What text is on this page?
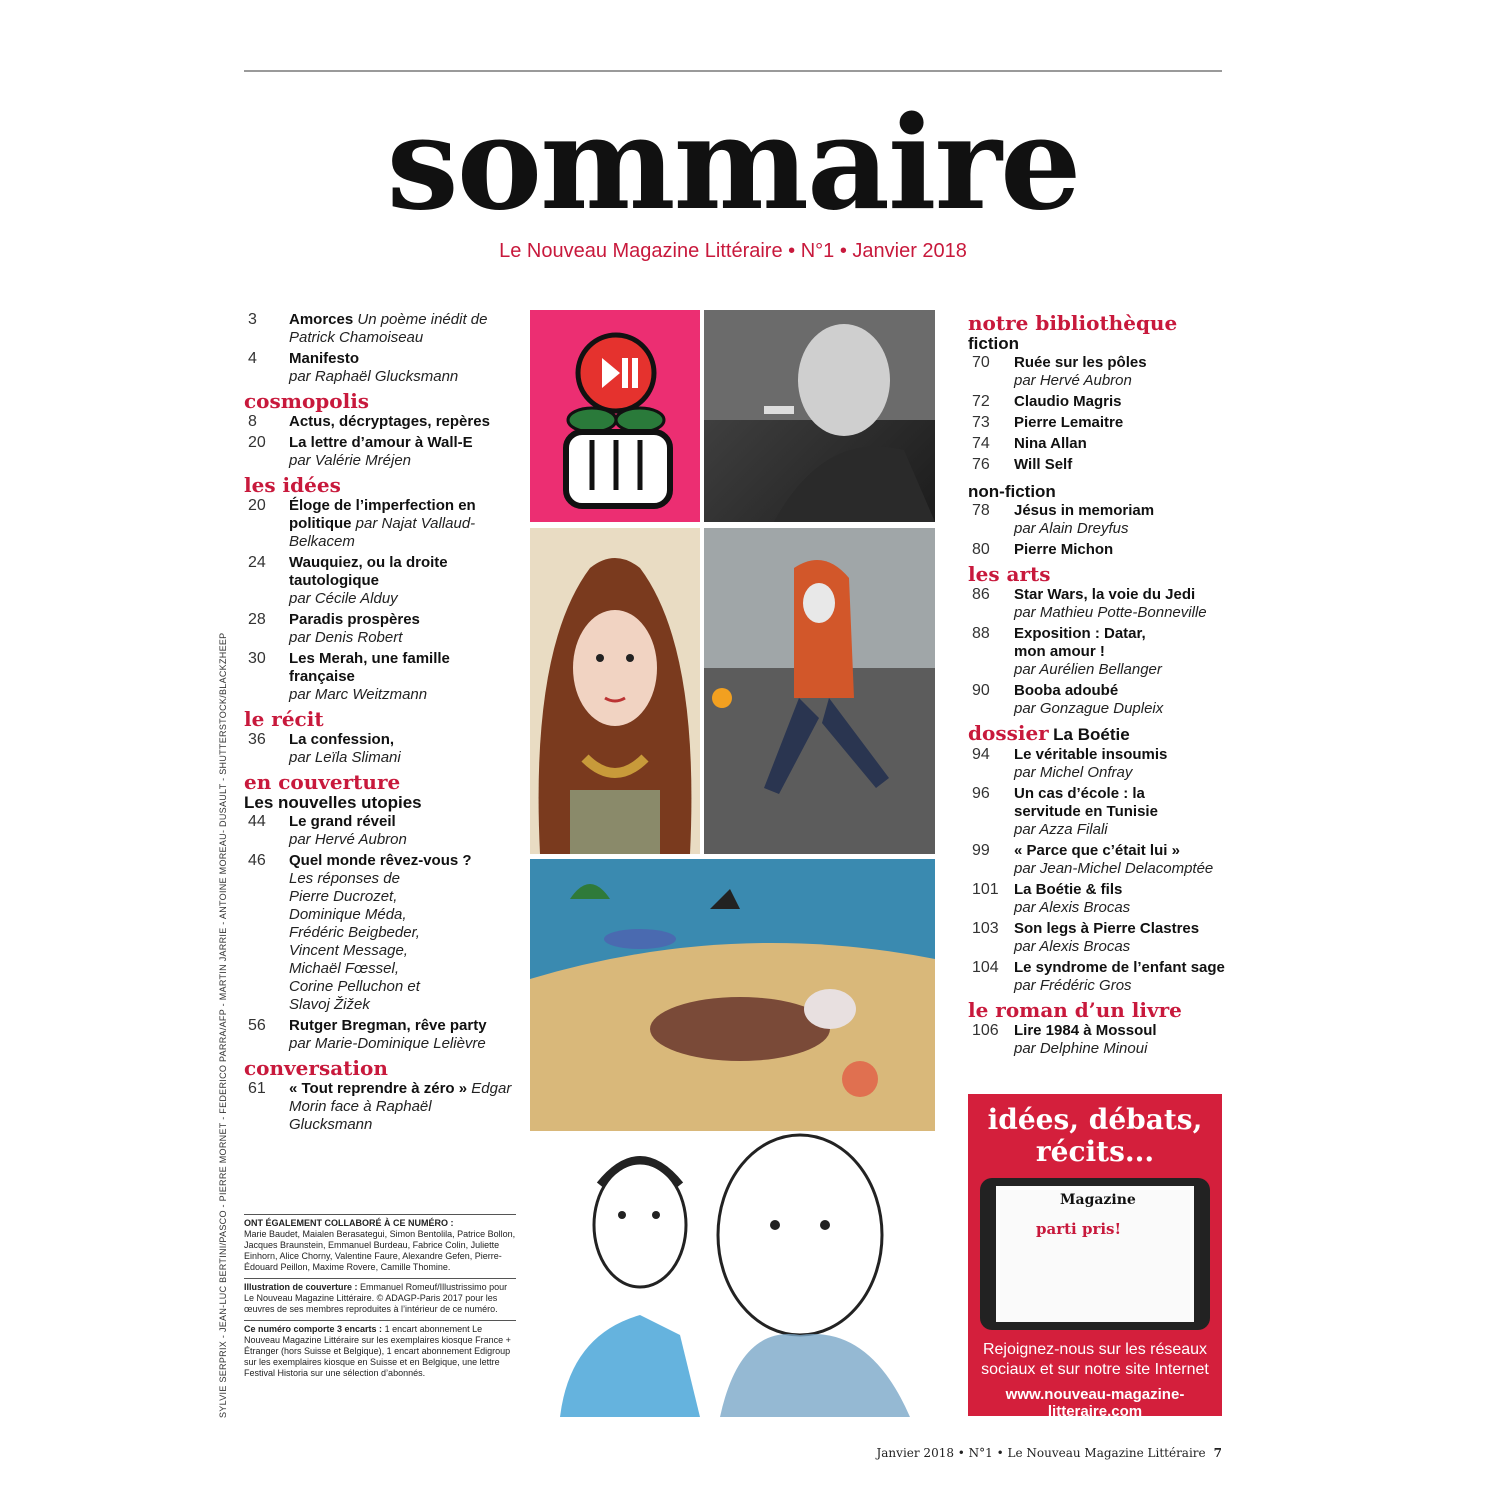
sommaire
Le Nouveau Magazine Littéraire • N°1 • Janvier 2018
3	Amorces Un poème inédit de Patrick Chamoiseau
4	Manifesto
par Raphaël Glucksmann
cosmopolis
8	Actus, décryptages, repères
20	La lettre d’amour à Wall-E
par Valérie Mréjen
les idées
20	Éloge de l’imperfection en politique par Najat Vallaud-Belkacem
24	Wauquiez, ou la droite tautologique
par Cécile Alduy
28	Paradis prospères
par Denis Robert
30	Les Merah, une famille française
par Marc Weitzmann
le récit
36	La confession,
par Leïla Slimani
en couverture
Les nouvelles utopies
44	Le grand réveil
par Hervé Aubron
46	Quel monde rêvez-vous ?
Les réponses de Pierre Ducrozet, Dominique Méda, Frédéric Beigbeder, Vincent Message, Michaël Fœssel, Corine Pelluchon et Slavoj Žižek
56	Rutger Bregman, rêve party
par Marie-Dominique Lelièvre
conversation
61	« Tout reprendre à zéro » Edgar Morin face à Raphaël Glucksmann

ONT ÉGALEMENT COLLABORÉ À CE NUMÉRO :
Marie Baudet, Maialen Berasategui, Simon Bentolila, Patrice Bollon, Jacques Braunstein, Emmanuel Burdeau, Fabrice Colin, Juliette Einhorn, Alice Chorny, Valentine Faure, Alexandre Gefen, Pierre-Édouard Peillon, Maxime Rovere, Camille Thomine.

Illustration de couverture : Emmanuel Romeuf/Illustrissimo pour Le Nouveau Magazine Littéraire. © ADAGP-Paris 2017 pour les œuvres de ses membres reproduites à l’intérieur de ce numéro.

Ce numéro comporte 3 encarts : 1 encart abonnement Le Nouveau Magazine Littéraire sur les exemplaires kiosque France + Étranger (hors Suisse et Belgique), 1 encart abonnement Edigroup sur les exemplaires kiosque en Suisse et en Belgique, une lettre Festival Historia sur une sélection d’abonnés.

SYLVIE SERPRIX - JEAN-LUC BERTINI/PASCO - PIERRE MORNET - FEDERICO PARRA/AFP - MARTIN JARRIE - ANTOINE MOREAU- DUSAULT - SHUTTERSTOCK/BLACKZHEEP
notre bibliothèque
fiction
70	Ruée sur les pôles
par Hervé Aubron
72	Claudio Magris
73	Pierre Lemaitre
74	Nina Allan
76	Will Self
non-fiction
78	Jésus in memoriam
par Alain Dreyfus
80	Pierre Michon
les arts
86	Star Wars, la voie du Jedi
par Mathieu Potte-Bonneville
88	Exposition : Datar, mon amour !
par Aurélien Bellanger
90	Booba adoubé
par Gonzague Dupleix
dossier La Boétie
94	Le véritable insoumis
par Michel Onfray
96	Un cas d’école : la servitude en Tunisie
par Azza Filali
99	« Parce que c’était lui »
par Jean-Michel Delacomptée
101	La Boétie & fils
par Alexis Brocas
103	Son legs à Pierre Clastres
par Alexis Brocas
104	Le syndrome de l’enfant sage par Frédéric Gros
le roman d’un livre
106	Lire 1984 à Mossoul
par Delphine Minoui
idées, débats, récits...
Magazine
parti pris!
Rejoignez-nous sur les réseaux sociaux et sur notre site Internet
www.nouveau-magazine-litteraire.com
Janvier 2018 • N°1 • Le Nouveau Magazine Littéraire 7
